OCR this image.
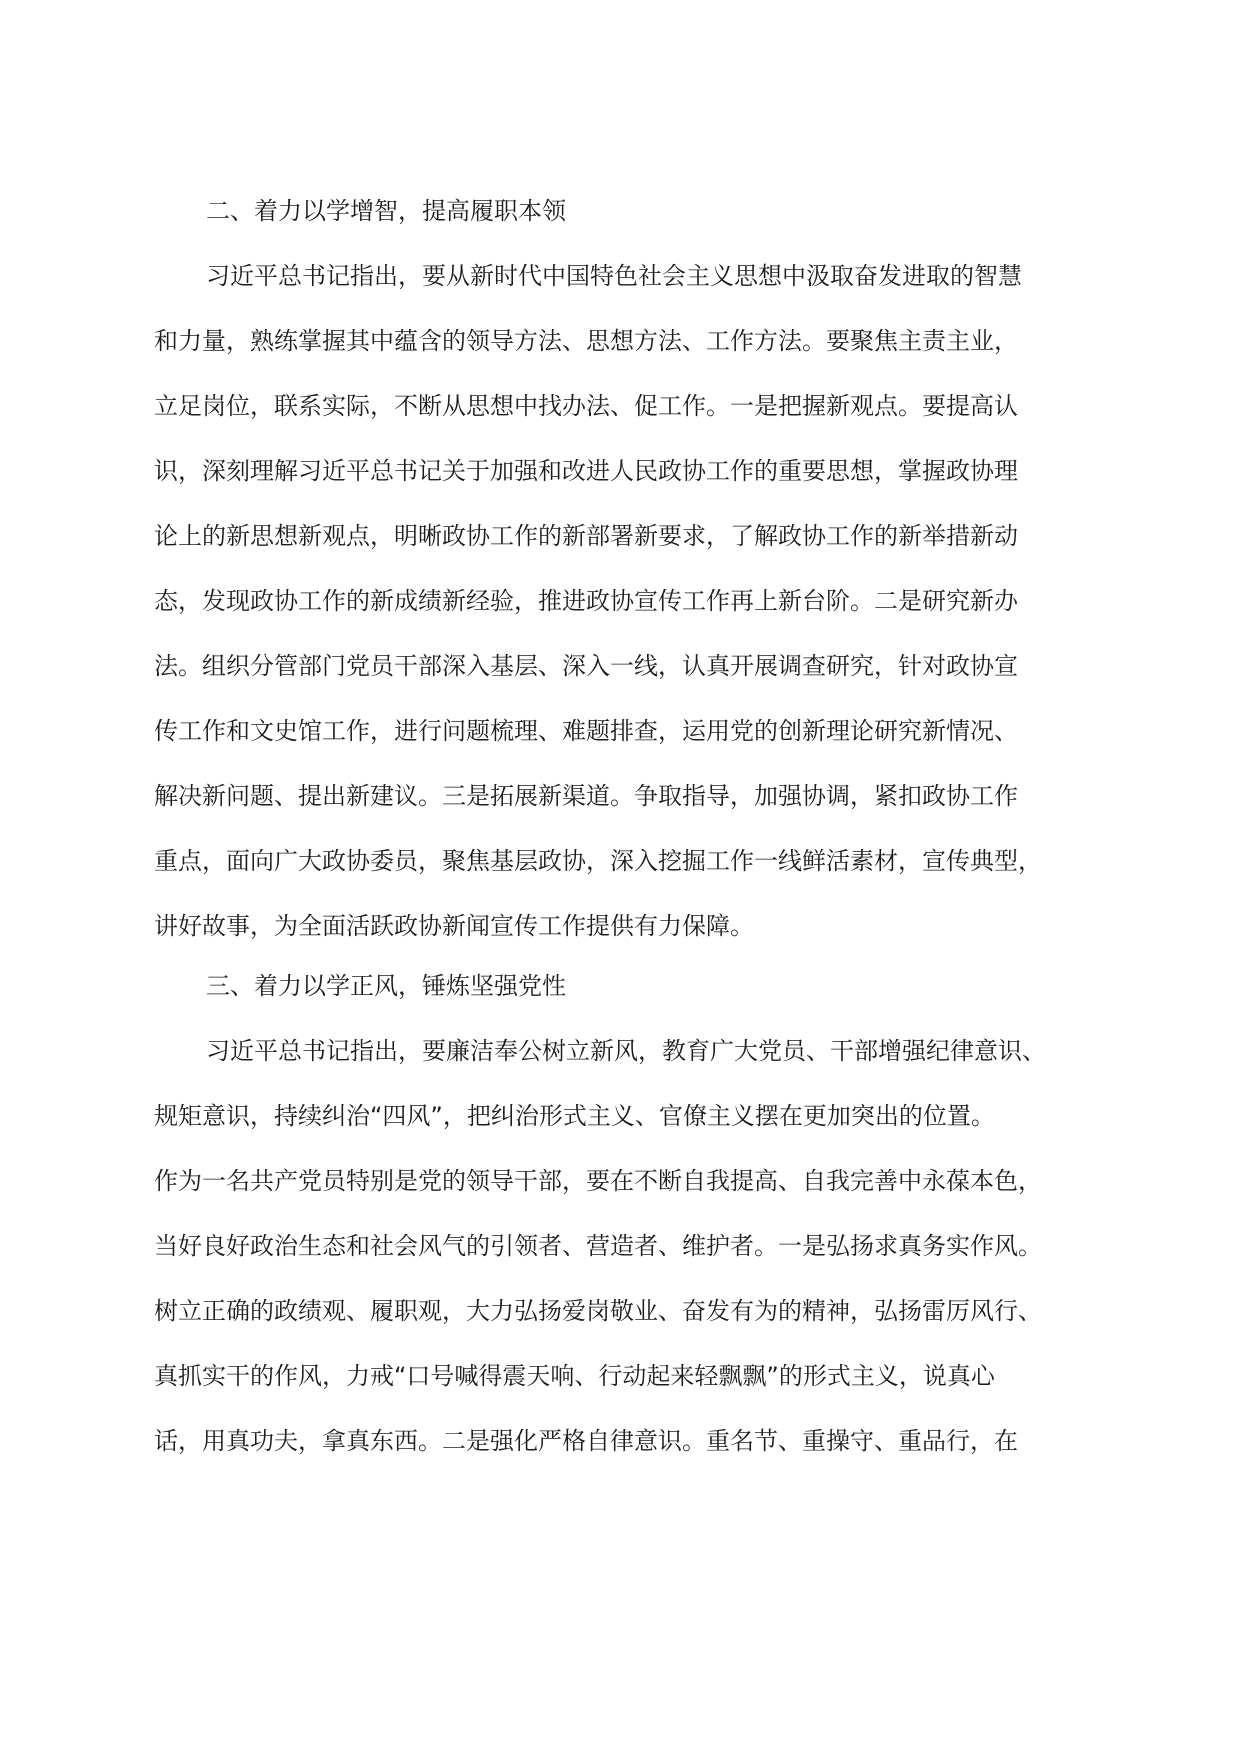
二、着力以学增智，提高履职本领
习近平总书记指出，要从新时代中国特色社会主义思想中汲取奋发进取的智慧
和力量，熟练掌握其中蕴含的领导方法、思想方法、工作方法。要聚焦主责主业，
立足岗位，联系实际，不断从思想中找办法、促工作。一是把握新观点。要提高认
识，深刻理解习近平总书记关于加强和改进人民政协工作的重要思想，掌握政协理
论上的新思想新观点，明晰政协工作的新部署新要求，了解政协工作的新举措新动
态，发现政协工作的新成绩新经验，推进政协宣传工作再上新台阶。二是研究新办
法。组织分管部门党员干部深入基层、深入一线，认真开展调查研究，针对政协宣
传工作和文史馆工作，进行问题梳理、难题排查，运用党的创新理论研究新情况、
解决新问题、提出新建议。三是拓展新渠道。争取指导，加强协调，紧扣政协工作
重点，面向广大政协委员，聚焦基层政协，深入挖掘工作一线鲜活素材，宣传典型，
讲好故事，为全面活跃政协新闻宣传工作提供有力保障。
三、着力以学正风，锤炼坚强党性
习近平总书记指出，要廉洁奉公树立新风，教育广大党员、干部增强纪律意识、
规矩意识，持续纠治“四风”，把纠治形式主义、官僚主义摆在更加突出的位置。
作为一名共产党员特别是党的领导干部，要在不断自我提高、自我完善中永葆本色，
当好良好政治生态和社会风气的引领者、营造者、维护者。一是弘扬求真务实作风。
树立正确的政绩观、履职观，大力弘扬爱岗敬业、奋发有为的精神，弘扬雷厉风行、
真抓实干的作风，力戒“口号喊得震天响、行动起来轻飘飘”的形式主义，说真心
话，用真功夫，拿真东西。二是强化严格自律意识。重名节、重操守、重品行，在
